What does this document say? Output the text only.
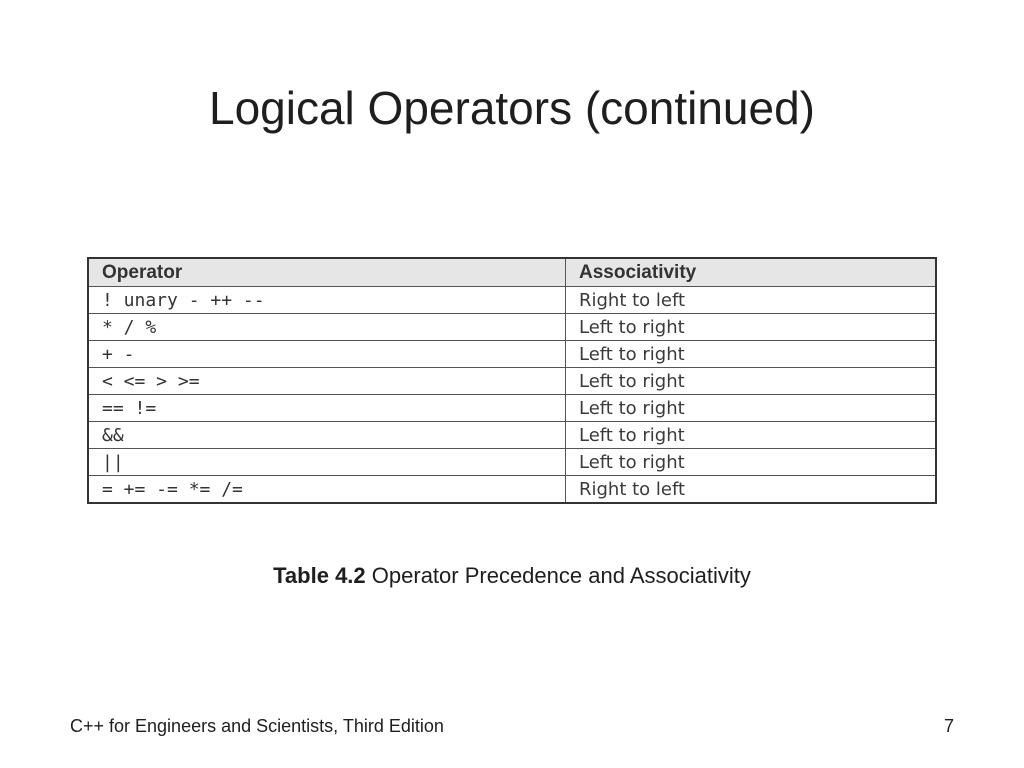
Logical Operators (continued)
Operator	Associativity
! unary - ++ --	Right to left
* / %	Left to right
+ -	Left to right
< <= > >=	Left to right
== !=	Left to right
&&	Left to right
||	Left to right
= += -= *= /=	Right to left
Table 4.2 Operator Precedence and Associativity
C++ for Engineers and Scientists, Third Edition	7
